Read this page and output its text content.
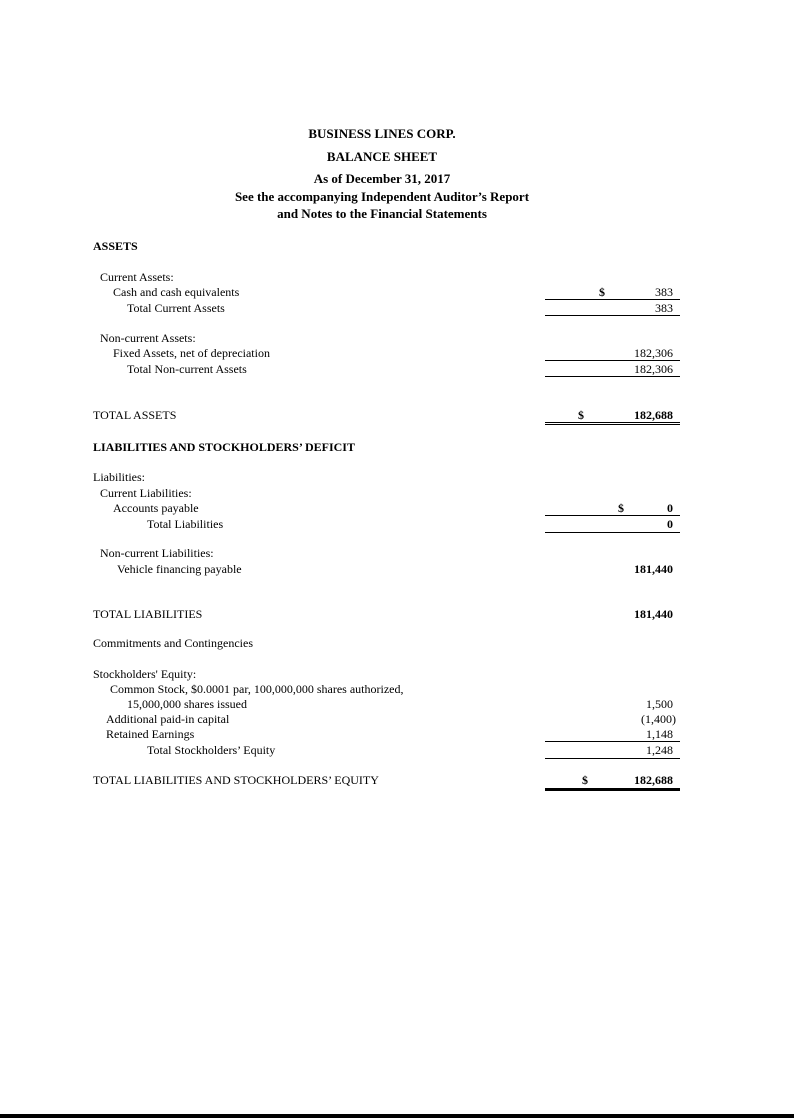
BUSINESS LINES CORP.
BALANCE SHEET
As of December 31, 2017
See the accompanying Independent Auditor’s Report
and Notes to the Financial Statements
ASSETS
Current Assets:
Cash and cash equivalents	$	383
Total Current Assets	383
Non-current Assets:
Fixed Assets, net of depreciation	182,306
Total Non-current Assets	182,306
TOTAL ASSETS	$	182,688
LIABILITIES AND STOCKHOLDERS’ DEFICIT
Liabilities:
Current Liabilities:
Accounts payable	$	0
Total Liabilities	0
Non-current Liabilities:
Vehicle financing payable	181,440
TOTAL LIABILITIES	181,440
Commitments and Contingencies
Stockholders' Equity:
Common Stock, $0.0001 par, 100,000,000 shares authorized,
15,000,000 shares issued	1,500
Additional paid-in capital	(1,400)
Retained Earnings	1,148
Total Stockholders’ Equity	1,248
TOTAL LIABILITIES AND STOCKHOLDERS’ EQUITY	$	182,688
